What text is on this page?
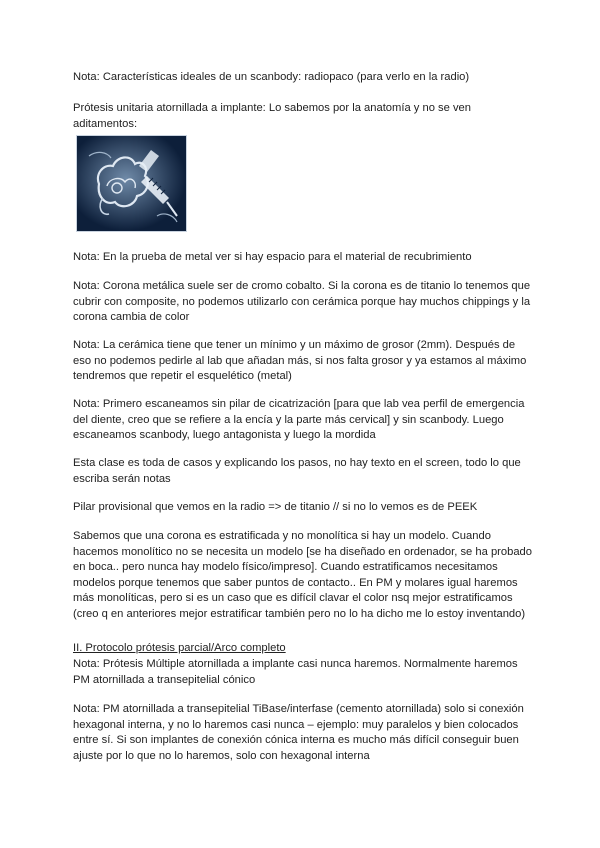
Nota: Características ideales de un scanbody: radiopaco (para verlo en la radio)

Prótesis unitaria atornillada a implante: Lo sabemos por la anatomía y no se ven aditamentos:

Nota: En la prueba de metal ver si hay espacio para el material de recubrimiento

Nota: Corona metálica suele ser de cromo cobalto. Si la corona es de titanio lo tenemos que cubrir con composite, no podemos utilizarlo con cerámica porque hay muchos chippings y la corona cambia de color

Nota: La cerámica tiene que tener un mínimo y un máximo de grosor (2mm). Después de eso no podemos pedirle al lab que añadan más, si nos falta grosor y ya estamos al máximo tendremos que repetir el esquelético (metal)

Nota: Primero escaneamos sin pilar de cicatrización [para que lab vea perfil de emergencia del diente, creo que se refiere a la encía y la parte más cervical] y sin scanbody. Luego escaneamos scanbody, luego antagonista y luego la mordida

Esta clase es toda de casos y explicando los pasos, no hay texto en el screen, todo lo que escriba serán notas

Pilar provisional que vemos en la radio => de titanio // si no lo vemos es de PEEK

Sabemos que una corona es estratificada y no monolítica si hay un modelo. Cuando hacemos monolítico no se necesita un modelo [se ha diseñado en ordenador, se ha probado en boca.. pero nunca hay modelo físico/impreso]. Cuando estratificamos necesitamos modelos porque tenemos que saber puntos de contacto.. En PM y molares igual haremos más monolíticas, pero si es un caso que es difícil clavar el color nsq mejor estratificamos (creo q en anteriores mejor estratificar también pero no lo ha dicho me lo estoy inventando)

II. Protocolo prótesis parcial/Arco completo

Nota: Prótesis Múltiple atornillada a implante casi nunca haremos. Normalmente haremos PM atornillada a transepitelial cónico

Nota: PM atornillada a transepitelial TiBase/interfase (cemento atornillada) solo si conexión hexagonal interna, y no lo haremos casi nunca – ejemplo: muy paralelos y bien colocados entre sí. Si son implantes de conexión cónica interna es mucho más difícil conseguir buen ajuste por lo que no lo haremos, solo con hexagonal interna
